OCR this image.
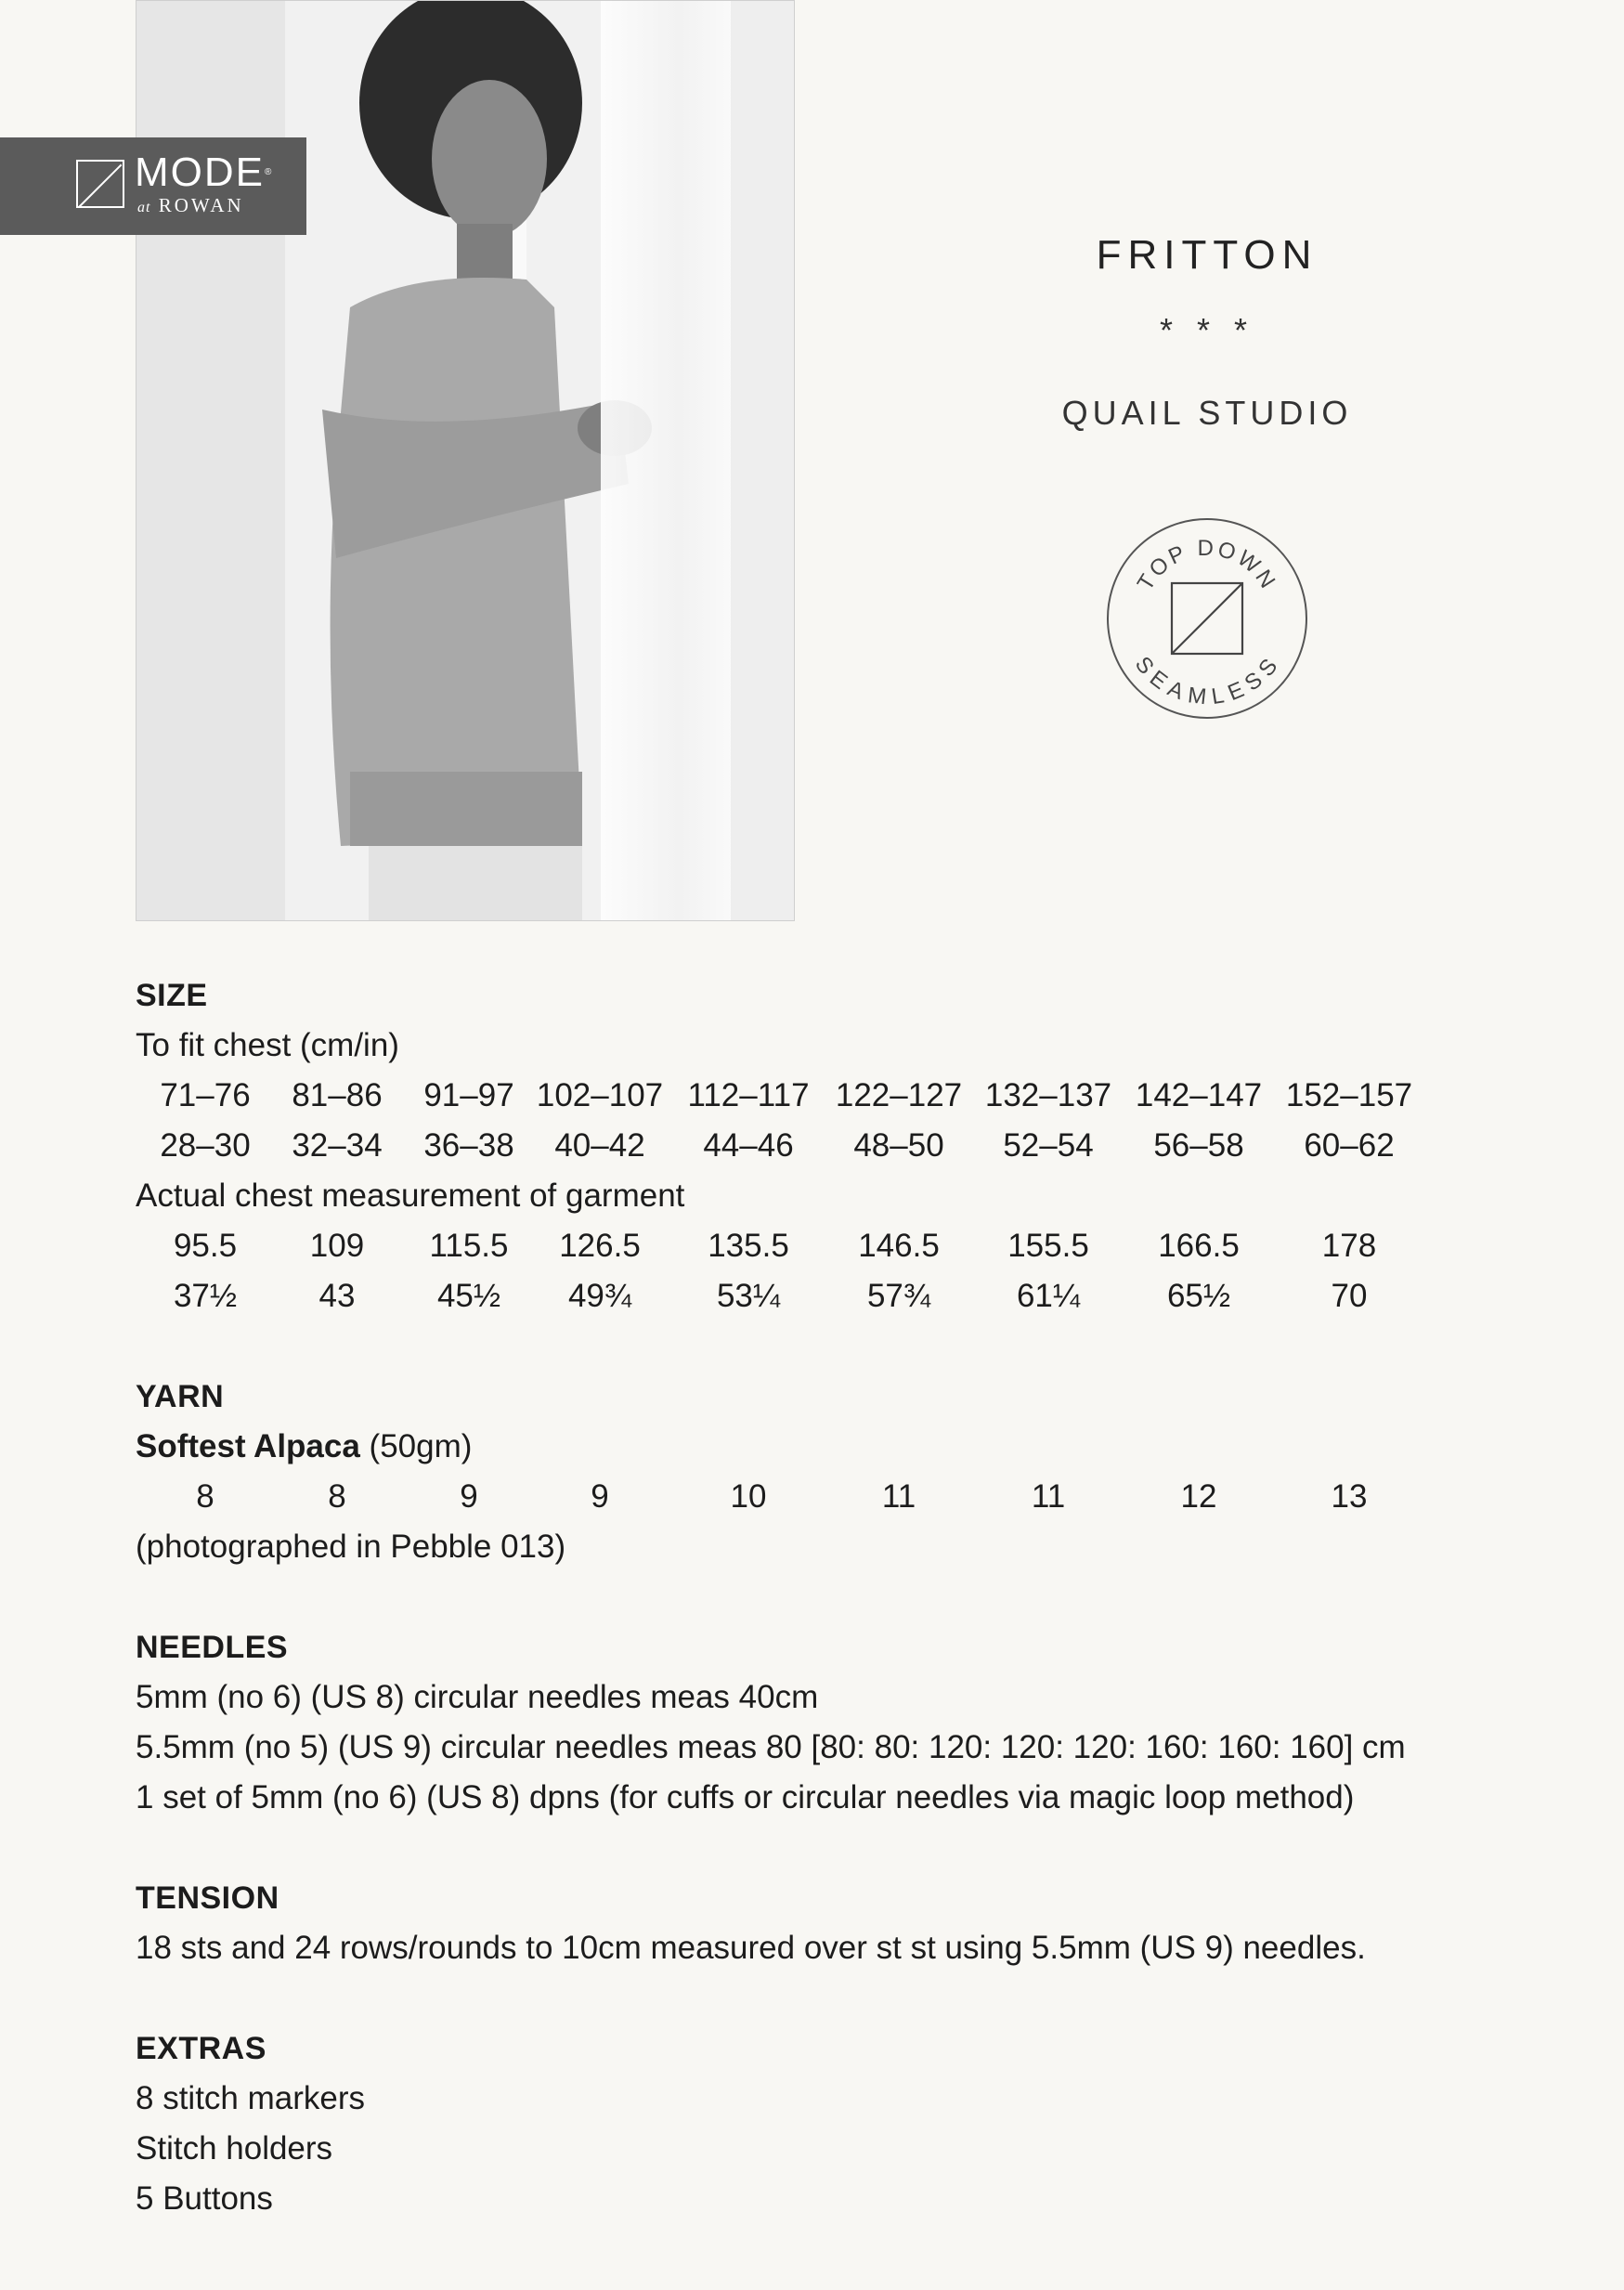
MODE®
at ROWAN
FRITTON
* * *
QUAIL STUDIO
TOP DOWN
SEAMLESS
SIZE
To fit chest (cm/in)
71–76 81–86 91–97 102–107 112–117 122–127 132–137 142–147 152–157
28–30 32–34 36–38 40–42 44–46 48–50 52–54 56–58 60–62
Actual chest measurement of garment
95.5 109 115.5 126.5 135.5 146.5 155.5 166.5	178
37½	43	45½ 49¾	53¼	57¾	61¼	65½	70
YARN
Softest Alpaca (50gm)
8	8	9	9	10	11	11	12	13
(photographed in Pebble 013)
NEEDLES
5mm (no 6) (US 8) circular needles meas 40cm
5.5mm (no 5) (US 9) circular needles meas 80 [80: 80: 120: 120: 120: 160: 160: 160] cm
1 set of 5mm (no 6) (US 8) dpns (for cuffs or circular needles via magic loop method)
TENSION
18 sts and 24 rows/rounds to 10cm measured over st st using 5.5mm (US 9) needles.
EXTRAS
8 stitch markers
Stitch holders
5 Buttons
